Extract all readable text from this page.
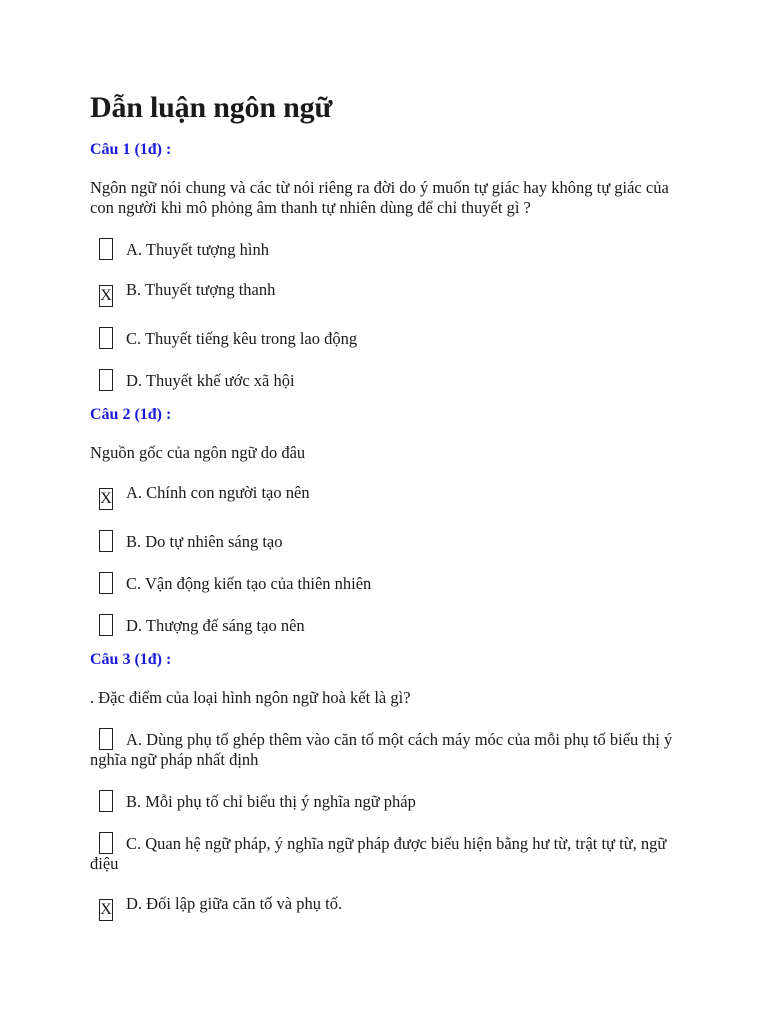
Dẫn luận ngôn ngữ
Câu 1 (1đ) :
Ngôn ngữ nói chung và các từ nói riêng ra đời do ý muốn tự giác hay không tự giác của con người khi mô phỏng âm thanh tự nhiên dùng để chỉ thuyết gì ?
A. Thuyết tượng hình
X B. Thuyết tượng thanh
C. Thuyết tiếng kêu trong lao động
D. Thuyết khế ước xã hội
Câu 2 (1đ) :
Nguồn gốc của ngôn ngữ do đâu
X A. Chính con người tạo nên
B. Do tự nhiên sáng tạo
C. Vận động kiến tạo của thiên nhiên
D. Thượng đế sáng tạo nên
Câu 3 (1đ) :
. Đặc điểm của loại hình ngôn ngữ hoà kết là gì?
A. Dùng phụ tố ghép thêm vào căn tố một cách máy móc của mỗi phụ tố biểu thị ý nghĩa ngữ pháp nhất định
B. Mỗi phụ tố chỉ biểu thị ý nghĩa ngữ pháp
C. Quan hệ ngữ pháp, ý nghĩa ngữ pháp được biểu hiện bằng hư từ, trật tự từ, ngữ điệu
X D. Đối lập giữa căn tố và phụ tố.
